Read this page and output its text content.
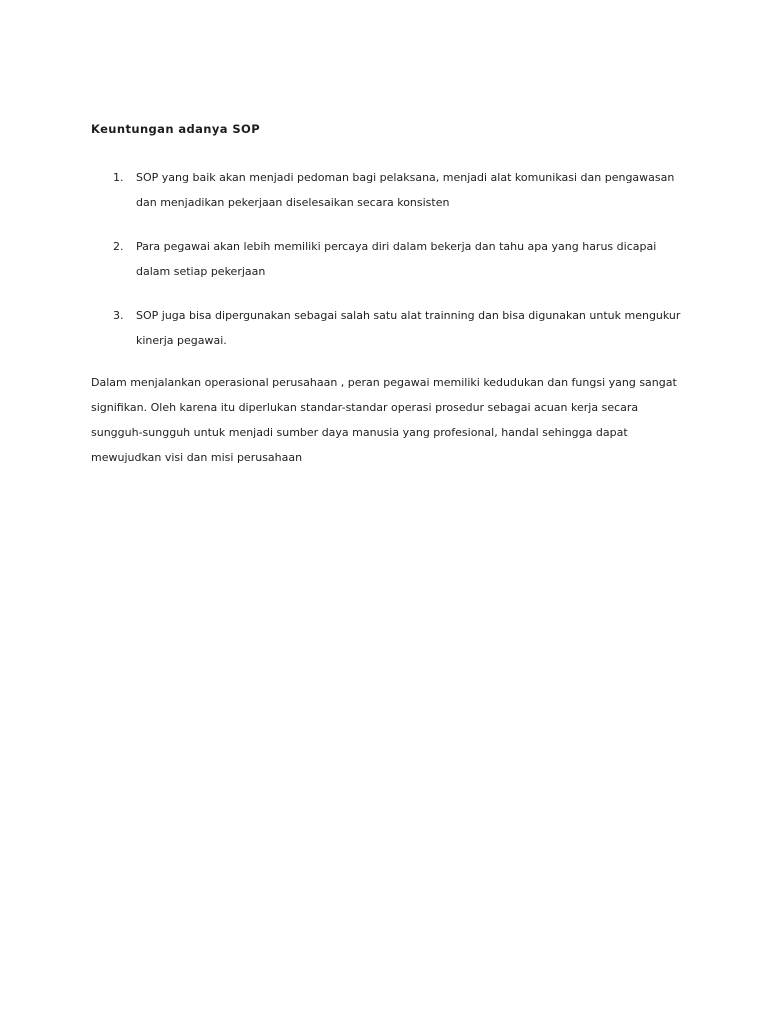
Keuntungan adanya SOP
1. SOP yang baik akan menjadi pedoman bagi pelaksana, menjadi alat komunikasi dan pengawasan dan menjadikan pekerjaan diselesaikan secara konsisten
2. Para pegawai akan lebih memiliki percaya diri dalam bekerja dan tahu apa yang harus dicapai dalam setiap pekerjaan
3. SOP juga bisa dipergunakan sebagai salah satu alat trainning dan bisa digunakan untuk mengukur kinerja pegawai.

Dalam menjalankan operasional perusahaan , peran pegawai memiliki kedudukan dan fungsi yang sangat signifikan. Oleh karena itu diperlukan standar-standar operasi prosedur sebagai acuan kerja secara sungguh-sungguh untuk menjadi sumber daya manusia yang profesional, handal sehingga dapat mewujudkan visi dan misi perusahaan
